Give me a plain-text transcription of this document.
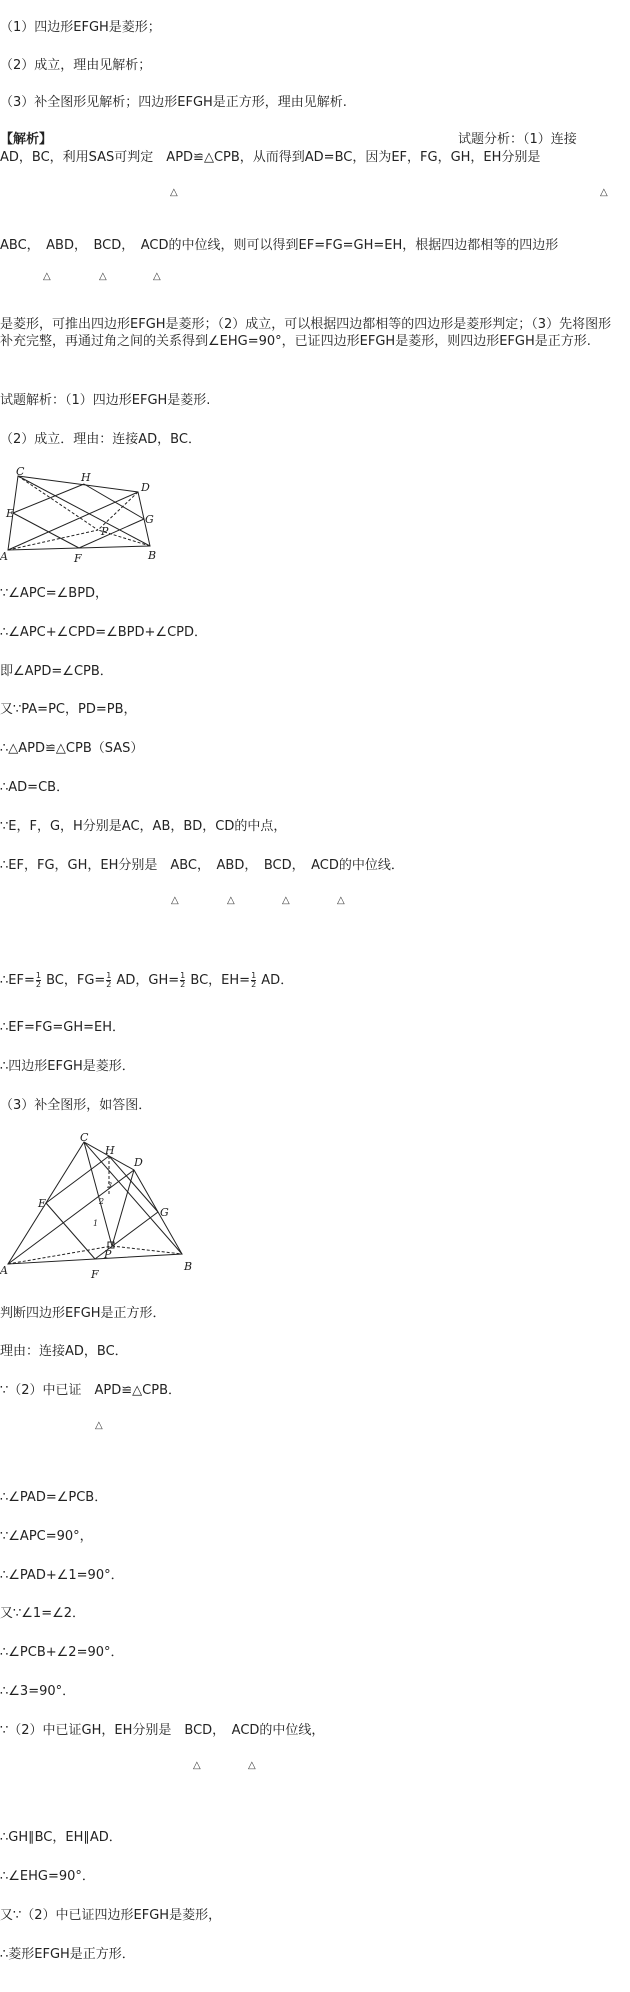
（1）四边形EFGH是菱形；
（2）成立，理由见解析；
（3）补全图形见解析；四边形EFGH是正方形，理由见解析.
【解析】	试题分析：（1）连接
AD，BC，利用SAS可判定　APD≌△CPB，从而得到AD=BC，因为EF，FG，GH，EH分别是
△	△
ABC，　ABD，　BCD，　ACD的中位线，则可以得到EF=FG=GH=EH，根据四边都相等的四边形
△	△	△
是菱形，可推出四边形EFGH是菱形；（2）成立，可以根据四边都相等的四边形是菱形判定；（3）先将图形补充完整，再通过角之间的关系得到∠EHG=90°，已证四边形EFGH是菱形，则四边形EFGH是正方形.
试题解析：（1）四边形EFGH是菱形.
（2）成立．理由：连接AD，BC．
C	H
D
E	G
P
A	F	B
∵∠APC=∠BPD，
∴∠APC+∠CPD=∠BPD+∠CPD．
即∠APD=∠CPB．
又∵PA=PC，PD=PB，
∴△APD≌△CPB（SAS）
∴AD=CB．
∵E，F，G，H分别是AC，AB，BD，CD的中点，
∴EF，FG，GH，EH分别是　ABC，　ABD，　BCD，　ACD的中位线．
△	△	△	△
∴EF= $\frac{1}{2}$ BC，$FG= \frac{1}{2}$ AD，$GH= \frac{1}{2}$ BC，$EH= \frac{1}{2}$ AD．
∴EF=FG=GH=EH．
∴四边形EFGH是菱形．
（3）补全图形，如答图．
C
H
D
E
G
P
A	F
B
1
2
3
判断四边形EFGH是正方形．
理由：连接AD，BC．
∵（2）中已证　APD≌△CPB．
△
∴∠PAD=∠PCB．
∵∠APC=90°，
∴∠PAD+∠1=90°．
又∵∠1=∠2．
∴∠PCB+∠2=90°．
∴∠3=90°．
∵（2）中已证GH，EH分别是　BCD，　ACD的中位线，
△	△
∴GH∥BC，EH∥AD．
∴∠EHG=90°．
又∵（2）中已证四边形EFGH是菱形，
∴菱形EFGH是正方形．
